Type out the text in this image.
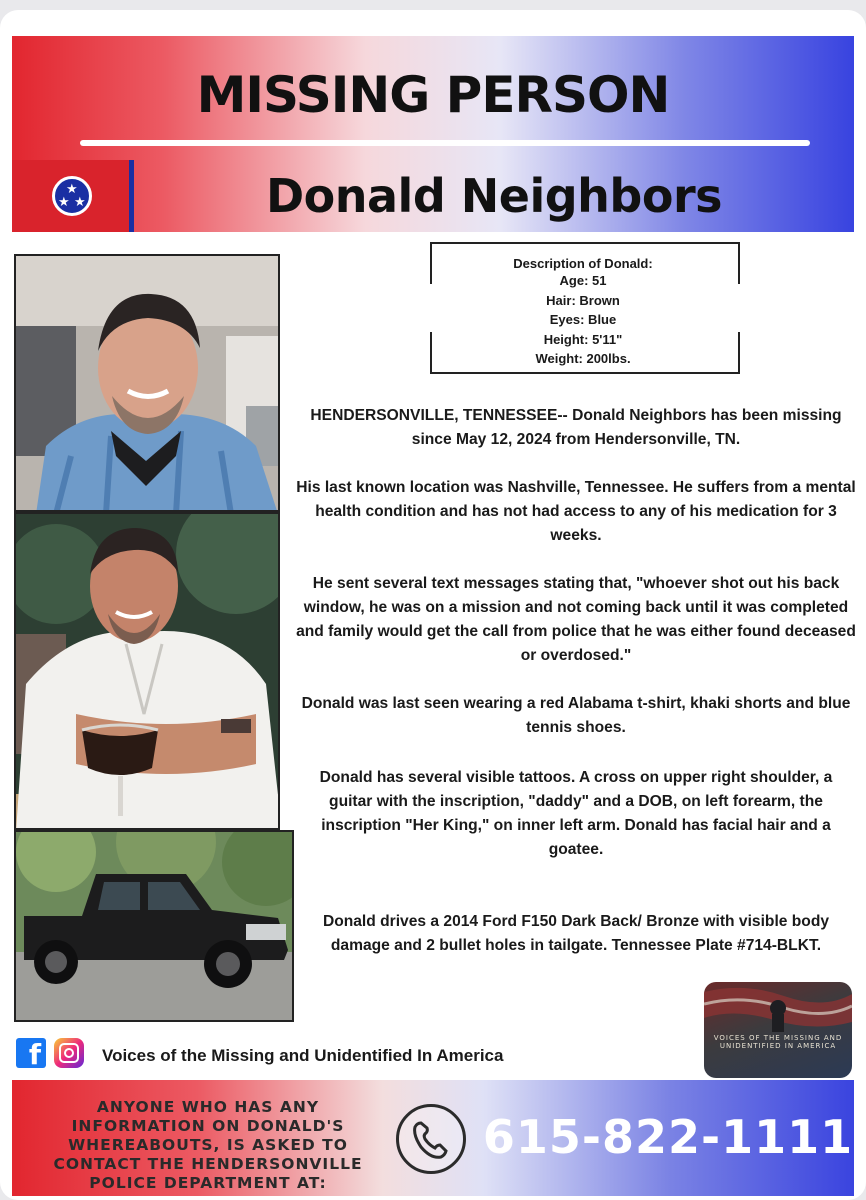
MISSING PERSON
★
★ ★	Donald Neighbors
Description of Donald:
Age: 51
Hair: Brown
Eyes: Blue
Height: 5'11"
Weight: 200lbs.
HENDERSONVILLE, TENNESSEE-- Donald Neighbors has been missing since May 12, 2024 from Hendersonville, TN.
His last known location was Nashville, Tennessee. He suffers from a mental health condition and has not had access to any of his medication for 3 weeks.
He sent several text messages stating that, "whoever shot out his back window, he was on a mission and not coming back until it was completed and family would get the call from police that he was either found deceased or overdosed."
Donald was last seen wearing a red Alabama t-shirt, khaki shorts and blue tennis shoes.
Donald has several visible tattoos. A cross on upper right shoulder, a guitar with the inscription, "daddy" and a DOB, on left forearm, the inscription "Her King," on inner left arm. Donald has facial hair and a goatee.
Donald drives a 2014 Ford F150 Dark Back/ Bronze with visible body damage and 2 bullet holes in tailgate. Tennessee Plate #714-BLKT.
f	Voices of the Missing and Unidentified In America
VOICES OF THE MISSING AND UNIDENTIFIED IN AMERICA
ANYONE WHO HAS ANY INFORMATION ON DONALD'S WHEREABOUTS, IS ASKED TO CONTACT THE HENDERSONVILLE POLICE DEPARTMENT AT:
615-822-1111
